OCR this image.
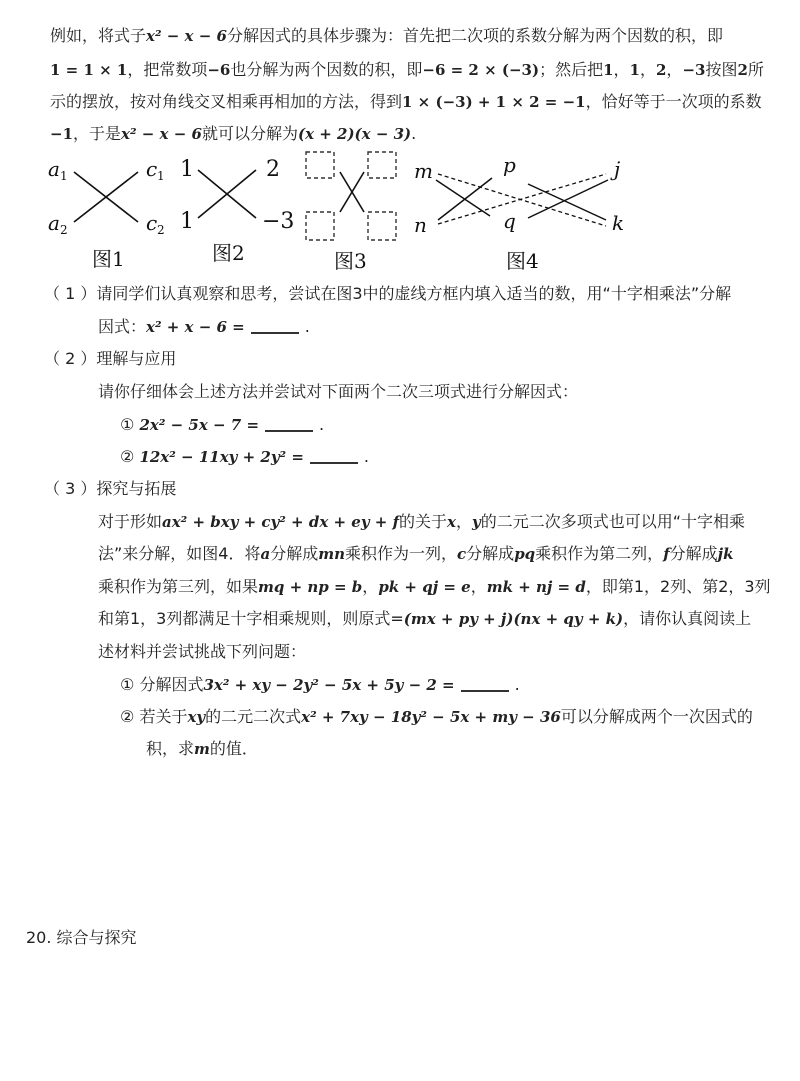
例如，将式子x² − x − 6分解因式的具体步骤为：首先把二次项的系数分解为两个因数的积，即
1 = 1 × 1，把常数项−6也分解为两个因数的积，即−6 = 2 × (−3)；然后把1，1，2，−3按图2所
示的摆放，按对角线交叉相乘再相加的方法，得到1 × (−3) + 1 × 2 = −1，恰好等于一次项的系数
−1，于是x² − x − 6就可以分解为(x + 2)(x − 3).
a 1	c 1
a 2	c 2
图1
1	2
1	−3
图2	图3
m	p	j
n	q	k
图4
（ 1 ）请同学们认真观察和思考，尝试在图3中的虚线方框内填入适当的数，用“十字相乘法”分解
因式：x² + x − 6 =	.
（ 2 ）理解与应用
请你仔细体会上述方法并尝试对下面两个二次三项式进行分解因式：
① 2x² − 5x − 7 =	.
② 12x² − 11xy + 2y² =	.
（ 3 ）探究与拓展
对于形如ax² + bxy + cy² + dx + ey + f的关于x，y的二元二次多项式也可以用“十字相乘
法”来分解，如图4．将a分解成mn乘积作为一列，c分解成pq乘积作为第二列，f分解成jk
乘积作为第三列，如果mq + np = b，pk + qj = e，mk + nj = d，即第1，2列、第2，3列
和第1，3列都满足十字相乘规则，则原式=(mx + py + j)(nx + qy + k)，请你认真阅读上
述材料并尝试挑战下列问题：
① 分解因式3x² + xy − 2y² − 5x + 5y − 2 =	.
② 若关于xy的二元二次式x² + 7xy − 18y² − 5x + my − 36可以分解成两个一次因式的
积，求m的值．
20. 综合与探究
